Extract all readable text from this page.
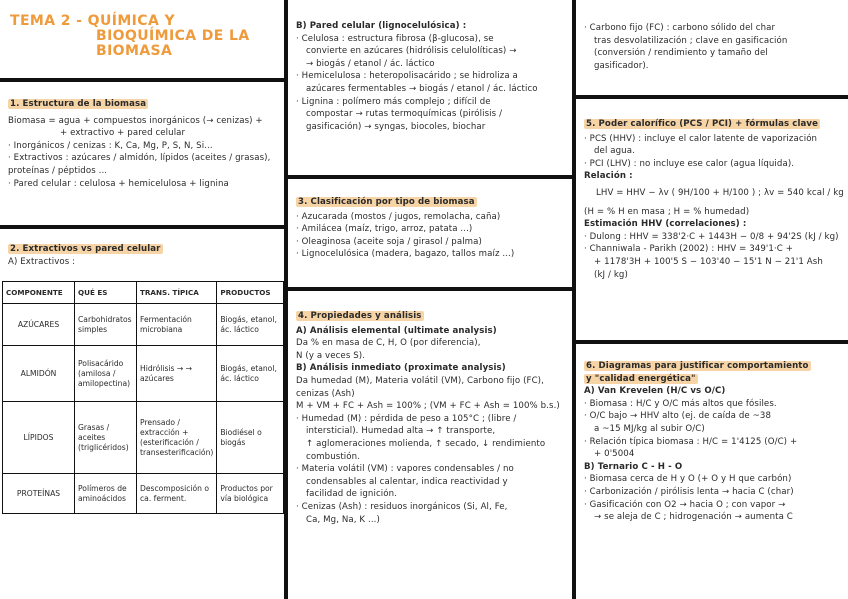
TEMA 2 - QUÍMICA Y
BIOQUÍMICA DE LA
BIOMASA

1. Estructura de la biomasa

Biomasa = agua + compuestos inorgánicos (→ cenizas) +

+ extractivo + pared celular

· Inorgánicos / cenizas : K, Ca, Mg, P, S, N, Si...

· Extractivos : azúcares / almidón, lípidos (aceites / grasas),

proteínas / péptidos ...

· Pared celular : celulosa + hemicelulosa + lignina

2. Extractivos vs pared celular

A) Extractivos :

COMPONENTE	QUÉ ES	TRANS. TÍPICA	PRODUCTOS
AZÚCARES	Carbohidratos simples	Fermentación microbiana	Biogás, etanol, ác. láctico
ALMIDÓN	Polisacárido (amilosa / amilopectina)	Hidrólisis → → azúcares	Biogás, etanol, ác. láctico
LÍPIDOS	Grasas / aceites (triglicéridos)	Prensado / extracción + (esterificación / transesterificación)	Biodiésel o biogás
PROTEÍNAS	Polímeros de aminoácidos	Descomposición o ca. ferment.	Productos por vía biológica

B) Pared celular (lignocelulósica) :

· Celulosa : estructura fibrosa (β-glucosa), se

convierte en azúcares (hidrólisis celulolíticas) →

→ biogás / etanol / ác. láctico

· Hemicelulosa : heteropolisacárido ; se hidroliza a

azúcares fermentables → biogás / etanol / ác. láctico

· Lignina : polímero más complejo ; difícil de

compostar → rutas termoquímicas (pirólisis /

gasificación) → syngas, biocoles, biochar

3. Clasificación por tipo de biomasa

· Azucarada (mostos / jugos, remolacha, caña)

· Amilácea (maíz, trigo, arroz, patata ...)

· Oleaginosa (aceite soja / girasol / palma)

· Lignocelulósica (madera, bagazo, tallos maíz ...)

4. Propiedades y análisis

A) Análisis elemental (ultimate analysis)

Da % en masa de C, H, O (por diferencia),

N (y a veces S).

B) Análisis inmediato (proximate analysis)

Da humedad (M), Materia volátil (VM), Carbono fijo (FC),

cenizas (Ash)

M + VM + FC + Ash = 100% ; (VM + FC + Ash = 100% b.s.)

· Humedad (M) : pérdida de peso a 105°C ; (libre /

intersticial). Humedad alta → ↑ transporte,

↑ aglomeraciones molienda, ↑ secado, ↓ rendimiento

combustión.

· Materia volátil (VM) : vapores condensables / no

condensables al calentar, indica reactividad y

facilidad de ignición.

· Cenizas (Ash) : residuos inorgánicos (Si, Al, Fe,

Ca, Mg, Na, K ...)

· Carbono fijo (FC) : carbono sólido del char

tras desvolatilización ; clave en gasificación

(conversión / rendimiento y tamaño del

gasificador).

5. Poder calorífico (PCS / PCI) + fórmulas clave

· PCS (HHV) : incluye el calor latente de vaporización

del agua.

· PCI (LHV) : no incluye ese calor (agua líquida).

Relación :

LHV = HHV − λv ( 9H/100 + H/100 ) ; λv = 540 kcal / kg

(H = % H en masa ; H = % humedad)

Estimación HHV (correlaciones) :

· Dulong : HHV = 338'2·C + 1443H − 0/8 + 94'2S (kJ / kg)

· Channiwala - Parikh (2002) : HHV = 349'1·C +

+ 1178'3H + 100'5 S − 103'40 − 15'1 N − 21'1 Ash

(kJ / kg)

6. Diagramas para justificar comportamiento

y "calidad energética"

A) Van Krevelen (H/C vs O/C)

· Biomasa : H/C y O/C más altos que fósiles.

· O/C bajo → HHV alto (ej. de caída de ~38

a ~15 MJ/kg al subir O/C)

· Relación típica biomasa : H/C = 1'4125 (O/C) +

+ 0'5004

B) Ternario C - H - O

· Biomasa cerca de H y O (+ O y H que carbón)

· Carbonización / pirólisis lenta → hacia C (char)

· Gasificación con O2 → hacia O ; con vapor →

→ se aleja de C ; hidrogenación → aumenta C
